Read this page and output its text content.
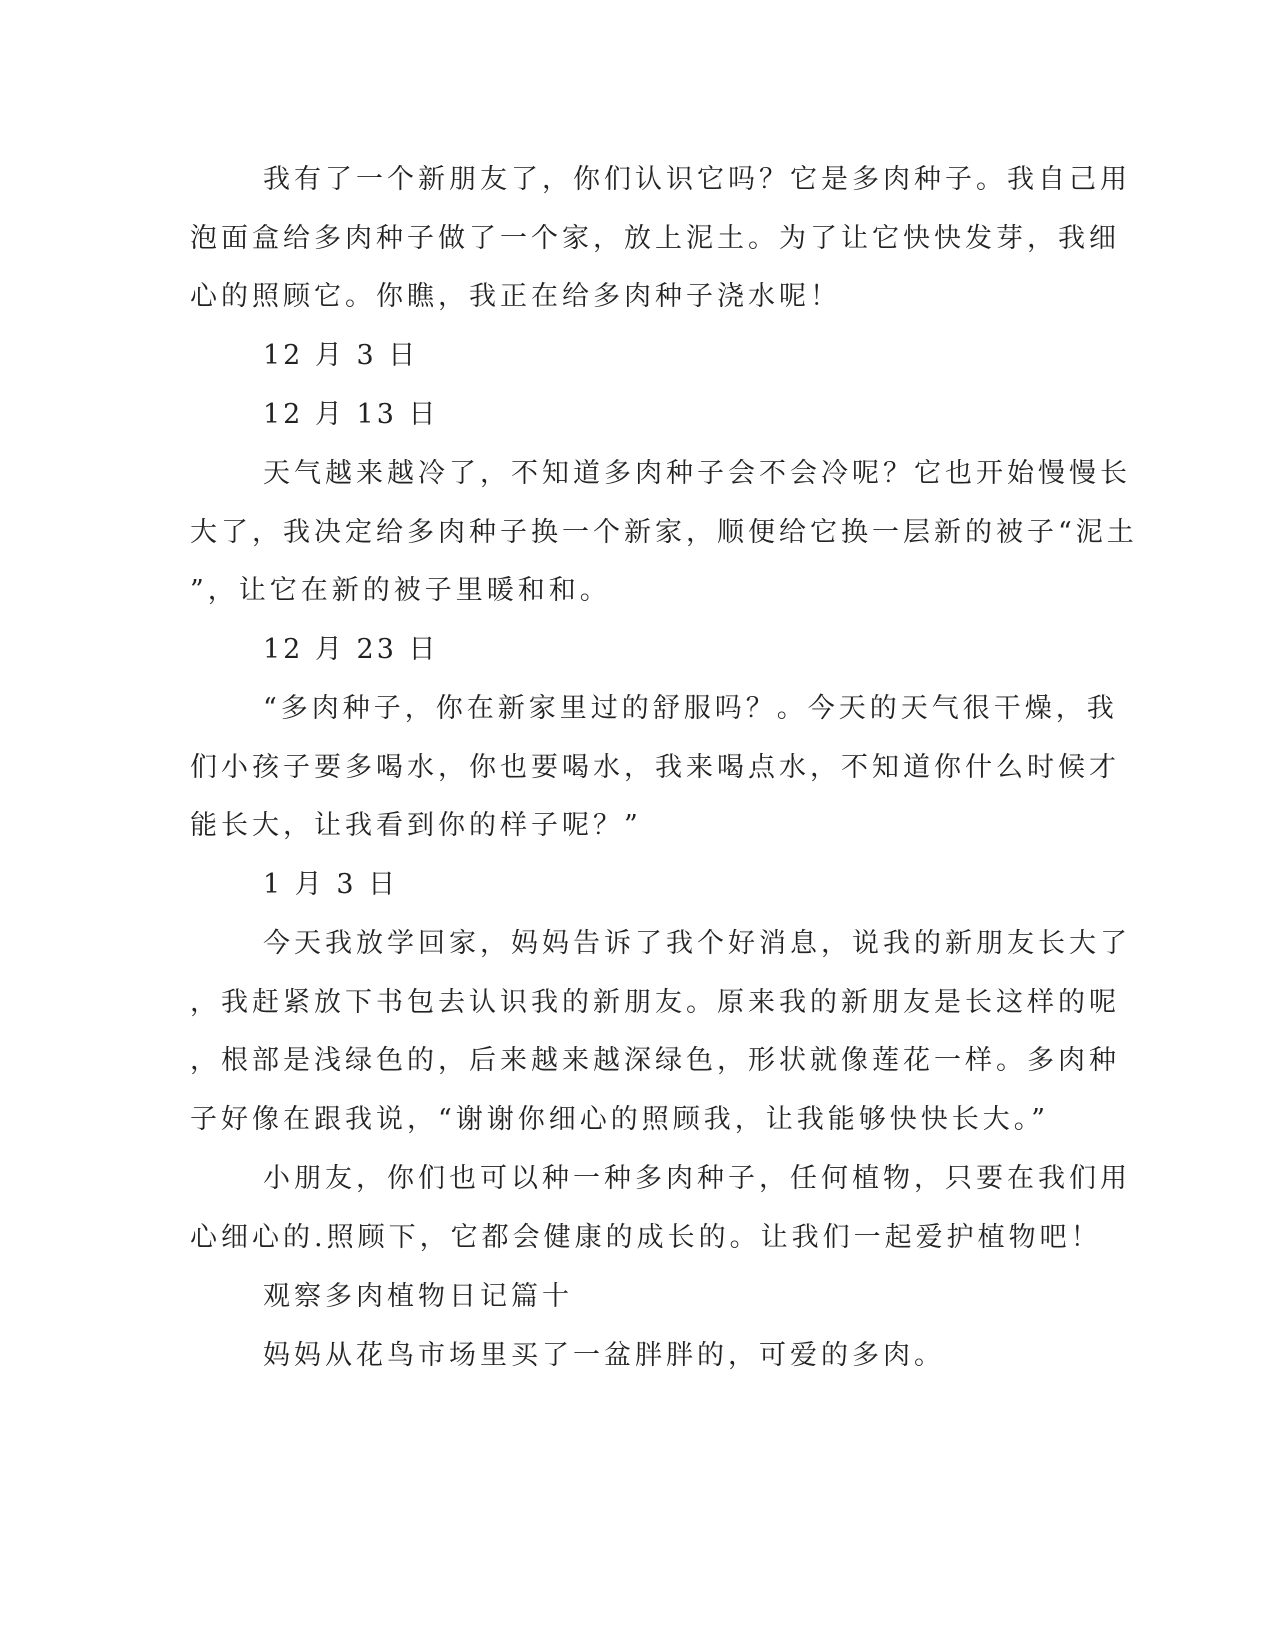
我有了一个新朋友了，你们认识它吗？它是多肉种子。我自己用
泡面盒给多肉种子做了一个家，放上泥土。为了让它快快发芽，我细
心的照顾它。你瞧，我正在给多肉种子浇水呢！
12 月 3 日
12 月 13 日
天气越来越冷了，不知道多肉种子会不会冷呢？它也开始慢慢长
大了，我决定给多肉种子换一个新家，顺便给它换一层新的被子“泥土
”，让它在新的被子里暖和和。
12 月 23 日
“多肉种子，你在新家里过的舒服吗？。今天的天气很干燥，我
们小孩子要多喝水，你也要喝水，我来喝点水，不知道你什么时候才
能长大，让我看到你的样子呢？”
1 月 3 日
今天我放学回家，妈妈告诉了我个好消息，说我的新朋友长大了
，我赶紧放下书包去认识我的新朋友。原来我的新朋友是长这样的呢
，根部是浅绿色的，后来越来越深绿色，形状就像莲花一样。多肉种
子好像在跟我说，“谢谢你细心的照顾我，让我能够快快长大。”
小朋友，你们也可以种一种多肉种子，任何植物，只要在我们用
心细心的.照顾下，它都会健康的成长的。让我们一起爱护植物吧！
观察多肉植物日记篇十
妈妈从花鸟市场里买了一盆胖胖的，可爱的多肉。
